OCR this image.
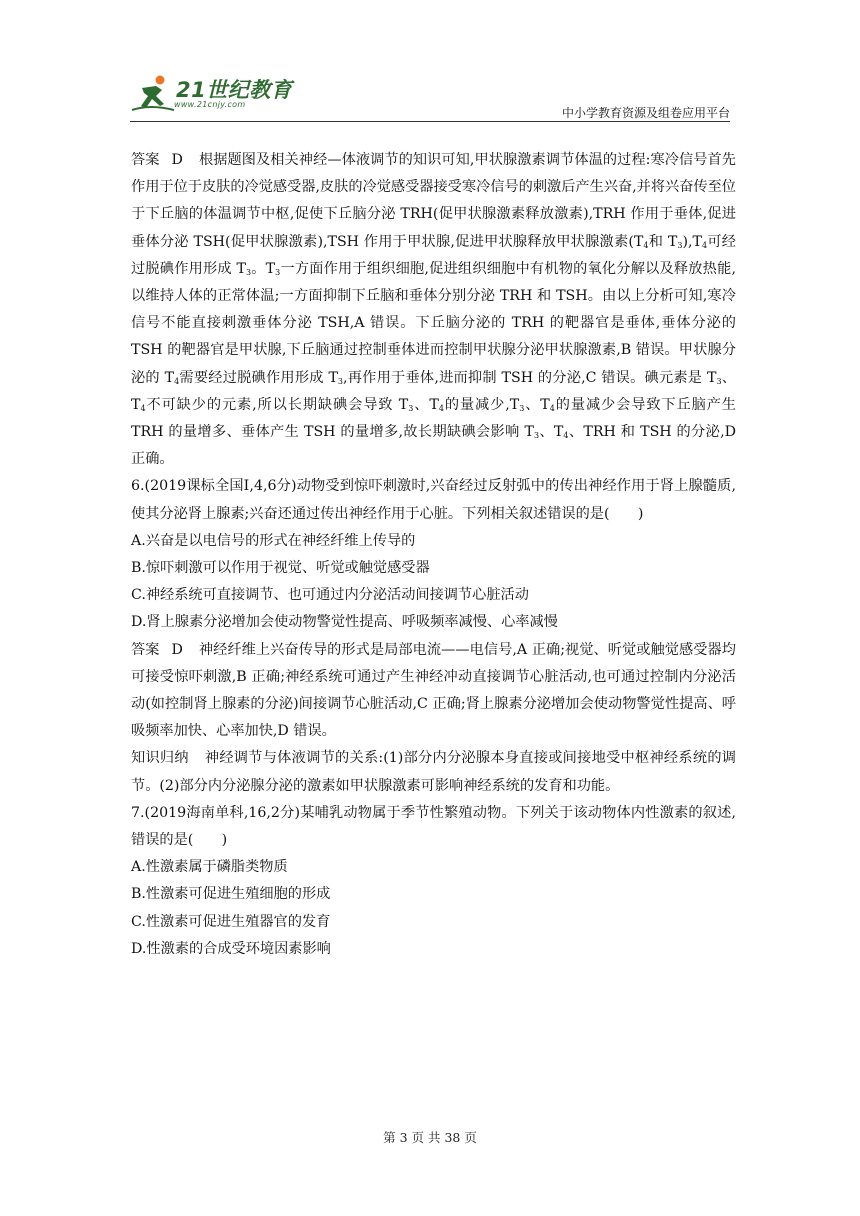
21世纪教育
www.21cnjy.com
中小学教育资源及组卷应用平台

答案 D 根据题图及相关神经—体液调节的知识可知,甲状腺激素调节体温的过程:寒冷信号首先作用于位于皮肤的冷觉感受器,皮肤的冷觉感受器接受寒冷信号的刺激后产生兴奋,并将兴奋传至位于下丘脑的体温调节中枢,促使下丘脑分泌 TRH(促甲状腺激素释放激素),TRH 作用于垂体,促进垂体分泌 TSH(促甲状腺激素),TSH 作用于甲状腺,促进甲状腺释放甲状腺激素($T_4$和 $T_3),T_4$可经过脱碘作用形成 $T_3$。$T_3$一方面作用于组织细胞,促进组织细胞中有机物的氧化分解以及释放热能,以维持人体的正常体温;一方面抑制下丘脑和垂体分别分泌 TRH 和 TSH。由以上分析可知,寒冷信号不能直接刺激垂体分泌 TSH,A 错误。下丘脑分泌的 TRH 的靶器官是垂体,垂体分泌的 TSH 的靶器官是甲状腺,下丘脑通过控制垂体进而控制甲状腺分泌甲状腺激素,B 错误。甲状腺分泌的 $T_4$需要经过脱碘作用形成 $T_3$,再作用于垂体,进而抑制 TSH 的分泌,C 错误。碘元素是 $T_3$、$T_4$不可缺少的元素,所以长期缺碘会导致 $T_3$、$T_4$的量减少$,T_3$、$T_4$的量减少会导致下丘脑产生 TRH 的量增多、垂体产生 TSH 的量增多,故长期缺碘会影响 $T_3$、$T_4$、TRH 和 TSH 的分泌,D 正确。

6.(2019课标全国Ⅰ,4,6分)动物受到惊吓刺激时,兴奋经过反射弧中的传出神经作用于肾上腺髓质,使其分泌肾上腺素;兴奋还通过传出神经作用于心脏。下列相关叙述错误的是(　　)

A.兴奋是以电信号的形式在神经纤维上传导的

B.惊吓刺激可以作用于视觉、听觉或触觉感受器

C.神经系统可直接调节、也可通过内分泌活动间接调节心脏活动

D.肾上腺素分泌增加会使动物警觉性提高、呼吸频率减慢、心率减慢

答案 D 神经纤维上兴奋传导的形式是局部电流——电信号,A 正确;视觉、听觉或触觉感受器均可接受惊吓刺激,B 正确;神经系统可通过产生神经冲动直接调节心脏活动,也可通过控制内分泌活动(如控制肾上腺素的分泌)间接调节心脏活动,C 正确;肾上腺素分泌增加会使动物警觉性提高、呼吸频率加快、心率加快,D 错误。

知识归纳 神经调节与体液调节的关系:(1)部分内分泌腺本身直接或间接地受中枢神经系统的调节。(2)部分内分泌腺分泌的激素如甲状腺激素可影响神经系统的发育和功能。

7.(2019海南单科,16,2分)某哺乳动物属于季节性繁殖动物。下列关于该动物体内性激素的叙述,错误的是(　　)

A.性激素属于磷脂类物质

B.性激素可促进生殖细胞的形成

C.性激素可促进生殖器官的发育

D.性激素的合成受环境因素影响

第 3 页 共 38 页
